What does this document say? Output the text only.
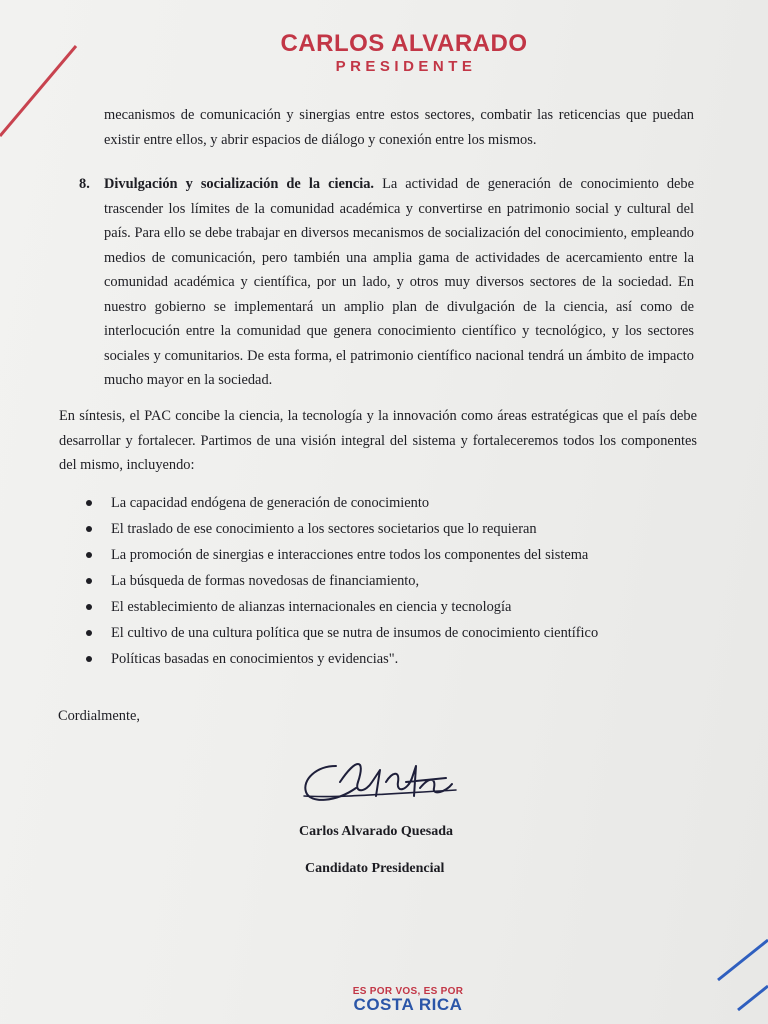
CARLOS ALVARADO
PRESIDENTE
mecanismos de comunicación y sinergias entre estos sectores, combatir las reticencias que puedan existir entre ellos, y abrir espacios de diálogo y conexión entre los mismos.
8. Divulgación y socialización de la ciencia. La actividad de generación de conocimiento debe trascender los límites de la comunidad académica y convertirse en patrimonio social y cultural del país. Para ello se debe trabajar en diversos mecanismos de socialización del conocimiento, empleando medios de comunicación, pero también una amplia gama de actividades de acercamiento entre la comunidad académica y científica, por un lado, y otros muy diversos sectores de la sociedad. En nuestro gobierno se implementará un amplio plan de divulgación de la ciencia, así como de interlocución entre la comunidad que genera conocimiento científico y tecnológico, y los sectores sociales y comunitarios. De esta forma, el patrimonio científico nacional tendrá un ámbito de impacto mucho mayor en la sociedad.
En síntesis, el PAC concibe la ciencia, la tecnología y la innovación como áreas estratégicas que el país debe desarrollar y fortalecer. Partimos de una visión integral del sistema y fortaleceremos todos los componentes del mismo, incluyendo:
La capacidad endógena de generación de conocimiento
El traslado de ese conocimiento a los sectores societarios que lo requieran
La promoción de sinergias e interacciones entre todos los componentes del sistema
La búsqueda de formas novedosas de financiamiento,
El establecimiento de alianzas internacionales en ciencia y tecnología
El cultivo de una cultura política que se nutra de insumos de conocimiento científico
Políticas basadas en conocimientos y evidencias".
Cordialmente,
Carlos Alvarado Quesada
Candidato Presidencial
ES POR VOS, ES POR
COSTA RICA
